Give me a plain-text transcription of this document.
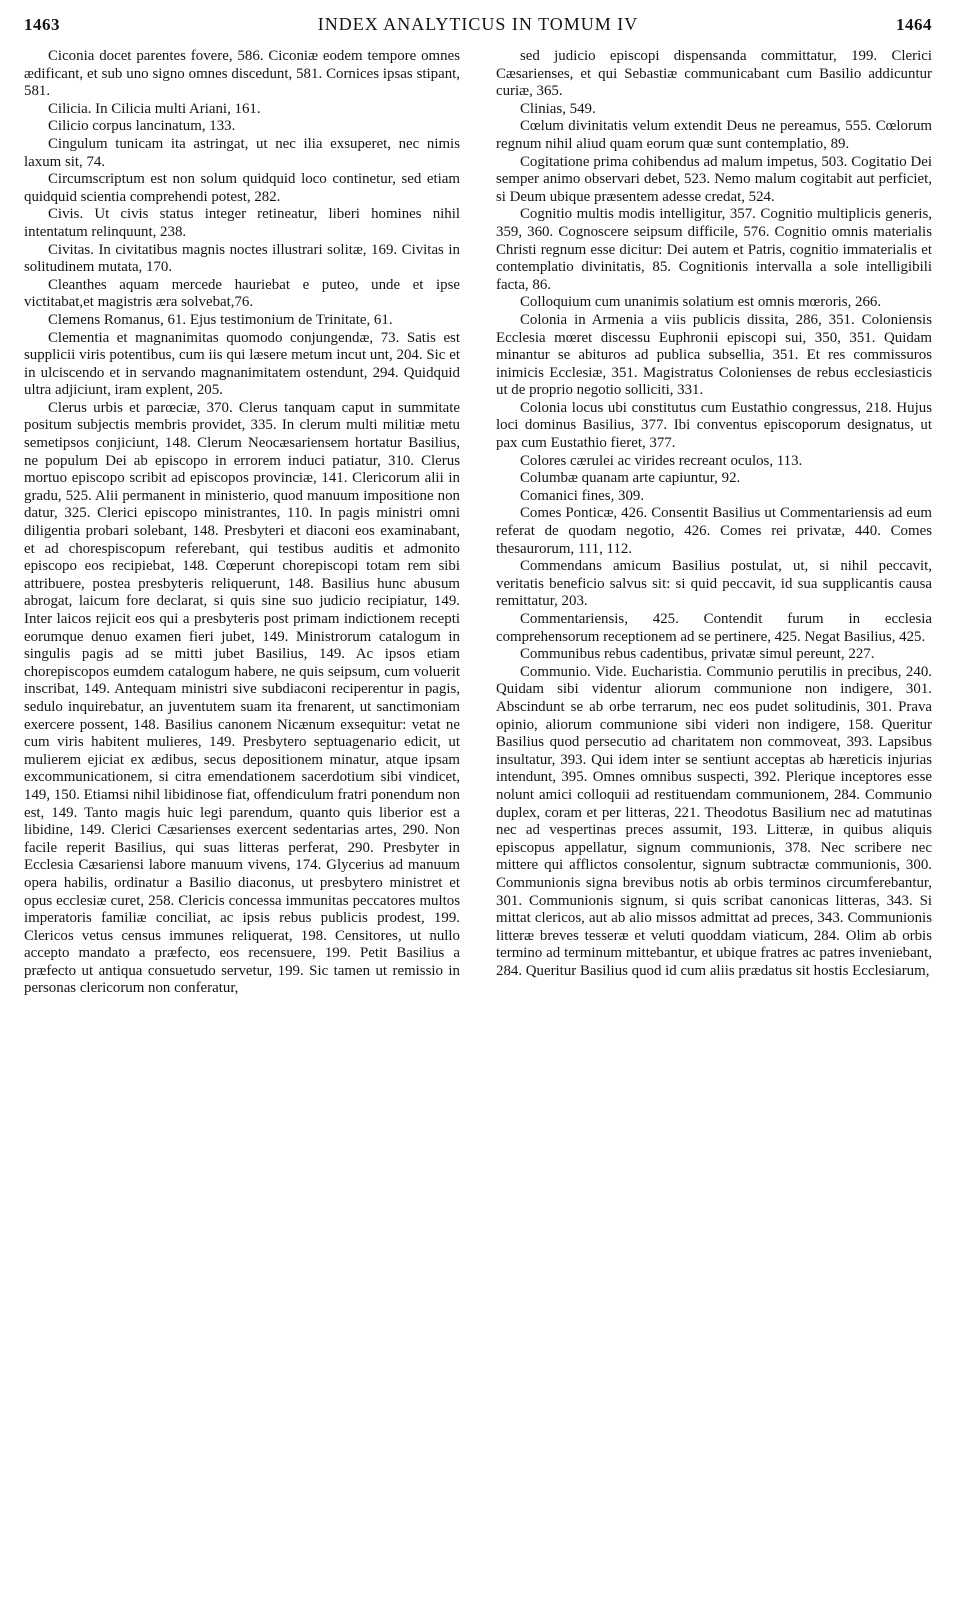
1463	INDEX ANALYTICUS IN TOMUM IV	1464

Ciconia docet parentes fovere, 586. Ciconiæ eodem tempore omnes ædificant, et sub uno signo omnes discedunt, 581. Cornices ipsas stipant, 581.

Cilicia. In Cilicia multi Ariani, 161.

Cilicio corpus lancinatum, 133.

Cingulum tunicam ita astringat, ut nec ilia exsuperet, nec nimis laxum sit, 74.

Circumscriptum est non solum quidquid loco continetur, sed etiam quidquid scientia comprehendi potest, 282.

Civis. Ut civis status integer retineatur, liberi homines nihil intentatum relinquunt, 238.

Civitas. In civitatibus magnis noctes illustrari solitæ, 169. Civitas in solitudinem mutata, 170.

Cleanthes aquam mercede hauriebat e puteo, unde et ipse victitabat,et magistris æra solvebat,76.

Clemens Romanus, 61. Ejus testimonium de Trinitate, 61.

Clementia et magnanimitas quomodo conjungendæ, 73. Satis est supplicii viris potentibus, cum iis qui læsere metum incut unt, 204. Sic et in ulciscendo et in servando magnanimitatem ostendunt, 294. Quidquid ultra adjiciunt, iram explent, 205.

Clerus urbis et parœciæ, 370. Clerus tanquam caput in summitate positum subjectis membris providet, 335. In clerum multi militiæ metu semetipsos conjiciunt, 148. Clerum Neocæsariensem hortatur Basilius, ne populum Dei ab episcopo in errorem induci patiatur, 310. Clerus mortuo episcopo scribit ad episcopos provinciæ, 141. Clericorum alii in gradu, 525. Alii permanent in ministerio, quod manuum impositione non datur, 325. Clerici episcopo ministrantes, 110. In pagis ministri omni diligentia probari solebant, 148. Presbyteri et diaconi eos examinabant, et ad chorespiscopum referebant, qui testibus auditis et admonito episcopo eos recipiebat, 148. Cœperunt chorepiscopi totam rem sibi attribuere, postea presbyteris reliquerunt, 148. Basilius hunc abusum abrogat, laicum fore declarat, si quis sine suo judicio recipiatur, 149. Inter laicos rejicit eos qui a presbyteris post primam indictionem recepti eorumque denuo examen fieri jubet, 149. Ministrorum catalogum in singulis pagis ad se mitti jubet Basilius, 149. Ac ipsos etiam chorepiscopos eumdem catalogum habere, ne quis seipsum, cum voluerit inscribat, 149. Antequam ministri sive subdiaconi reciperentur in pagis, sedulo inquirebatur, an juventutem suam ita frenarent, ut sanctimoniam exercere possent, 148. Basilius canonem Nicænum exsequitur: vetat ne cum viris habitent mulieres, 149. Presbytero septuagenario edicit, ut mulierem ejiciat ex ædibus, secus depositionem minatur, atque ipsam excommunicationem, si citra emendationem sacerdotium sibi vindicet, 149, 150. Etiamsi nihil libidinose fiat, offendiculum fratri ponendum non est, 149. Tanto magis huic legi parendum, quanto quis liberior est a libidine, 149. Clerici Cæsarienses exercent sedentarias artes, 290. Non facile reperit Basilius, qui suas litteras perferat, 290. Presbyter in Ecclesia Cæsariensi labore manuum vivens, 174. Glycerius ad manuum opera habilis, ordinatur a Basilio diaconus, ut presbytero ministret et opus ecclesiæ curet, 258. Clericis concessa immunitas peccatores multos imperatoris familiæ conciliat, ac ipsis rebus publicis prodest, 199. Clericos vetus census immunes reliquerat, 198. Censitores, ut nullo accepto mandato a præfecto, eos recensuere, 199. Petit Basilius a præfecto ut antiqua consuetudo servetur, 199. Sic tamen ut remissio in personas clericorum non conferatur,

sed judicio episcopi dispensanda committatur, 199. Clerici Cæsarienses, et qui Sebastiæ communicabant cum Basilio addicuntur curiæ, 365.

Clinias, 549.

Cœlum divinitatis velum extendit Deus ne pereamus, 555. Cœlorum regnum nihil aliud quam eorum quæ sunt contemplatio, 89.

Cogitatione prima cohibendus ad malum impetus, 503. Cogitatio Dei semper animo observari debet, 523. Nemo malum cogitabit aut perficiet, si Deum ubique præsentem adesse credat, 524.

Cognitio multis modis intelligitur, 357. Cognitio multiplicis generis, 359, 360. Cognoscere seipsum difficile, 576. Cognitio omnis materialis Christi regnum esse dicitur: Dei autem et Patris, cognitio immaterialis et contemplatio divinitatis, 85. Cognitionis intervalla a sole intelligibili facta, 86.

Colloquium cum unanimis solatium est omnis mœroris, 266.

Colonia in Armenia a viis publicis dissita, 286, 351. Coloniensis Ecclesia mœret discessu Euphronii episcopi sui, 350, 351. Quidam minantur se abituros ad publica subsellia, 351. Et res commissuros inimicis Ecclesiæ, 351. Magistratus Colonienses de rebus ecclesiasticis ut de proprio negotio solliciti, 331.

Colonia locus ubi constitutus cum Eustathio congressus, 218. Hujus loci dominus Basilius, 377. Ibi conventus episcoporum designatus, ut pax cum Eustathio fieret, 377.

Colores cærulei ac virides recreant oculos, 113.

Columbæ quanam arte capiuntur, 92.

Comanici fines, 309.

Comes Ponticæ, 426. Consentit Basilius ut Commentariensis ad eum referat de quodam negotio, 426. Comes rei privatæ, 440. Comes thesaurorum, 111, 112.

Commendans amicum Basilius postulat, ut, si nihil peccavit, veritatis beneficio salvus sit: si quid peccavit, id sua supplicantis causa remittatur, 203.

Commentariensis, 425. Contendit furum in ecclesia comprehensorum receptionem ad se pertinere, 425. Negat Basilius, 425.

Communibus rebus cadentibus, privatæ simul pereunt, 227.

Communio. Vide. Eucharistia. Communio perutilis in precibus, 240. Quidam sibi videntur aliorum communione non indigere, 301. Abscindunt se ab orbe terrarum, nec eos pudet solitudinis, 301. Prava opinio, aliorum communione sibi videri non indigere, 158. Queritur Basilius quod persecutio ad charitatem non commoveat, 393. Lapsibus insultatur, 393. Qui idem inter se sentiunt acceptas ab hæreticis injurias intendunt, 395. Omnes omnibus suspecti, 392. Plerique inceptores esse nolunt amici colloquii ad restituendam communionem, 284. Communio duplex, coram et per litteras, 221. Theodotus Basilium nec ad matutinas nec ad vespertinas preces assumit, 193. Litteræ, in quibus aliquis episcopus appellatur, signum communionis, 378. Nec scribere nec mittere qui afflictos consolentur, signum subtractæ communionis, 300. Communionis signa brevibus notis ab orbis terminos circumferebantur, 301. Communionis signum, si quis scribat canonicas litteras, 343. Si mittat clericos, aut ab alio missos admittat ad preces, 343. Communionis litteræ breves tesseræ et veluti quoddam viaticum, 284. Olim ab orbis termino ad terminum mittebantur, et ubique fratres ac patres inveniebant, 284. Queritur Basilius quod id cum aliis prædatus sit hostis Ecclesiarum,
